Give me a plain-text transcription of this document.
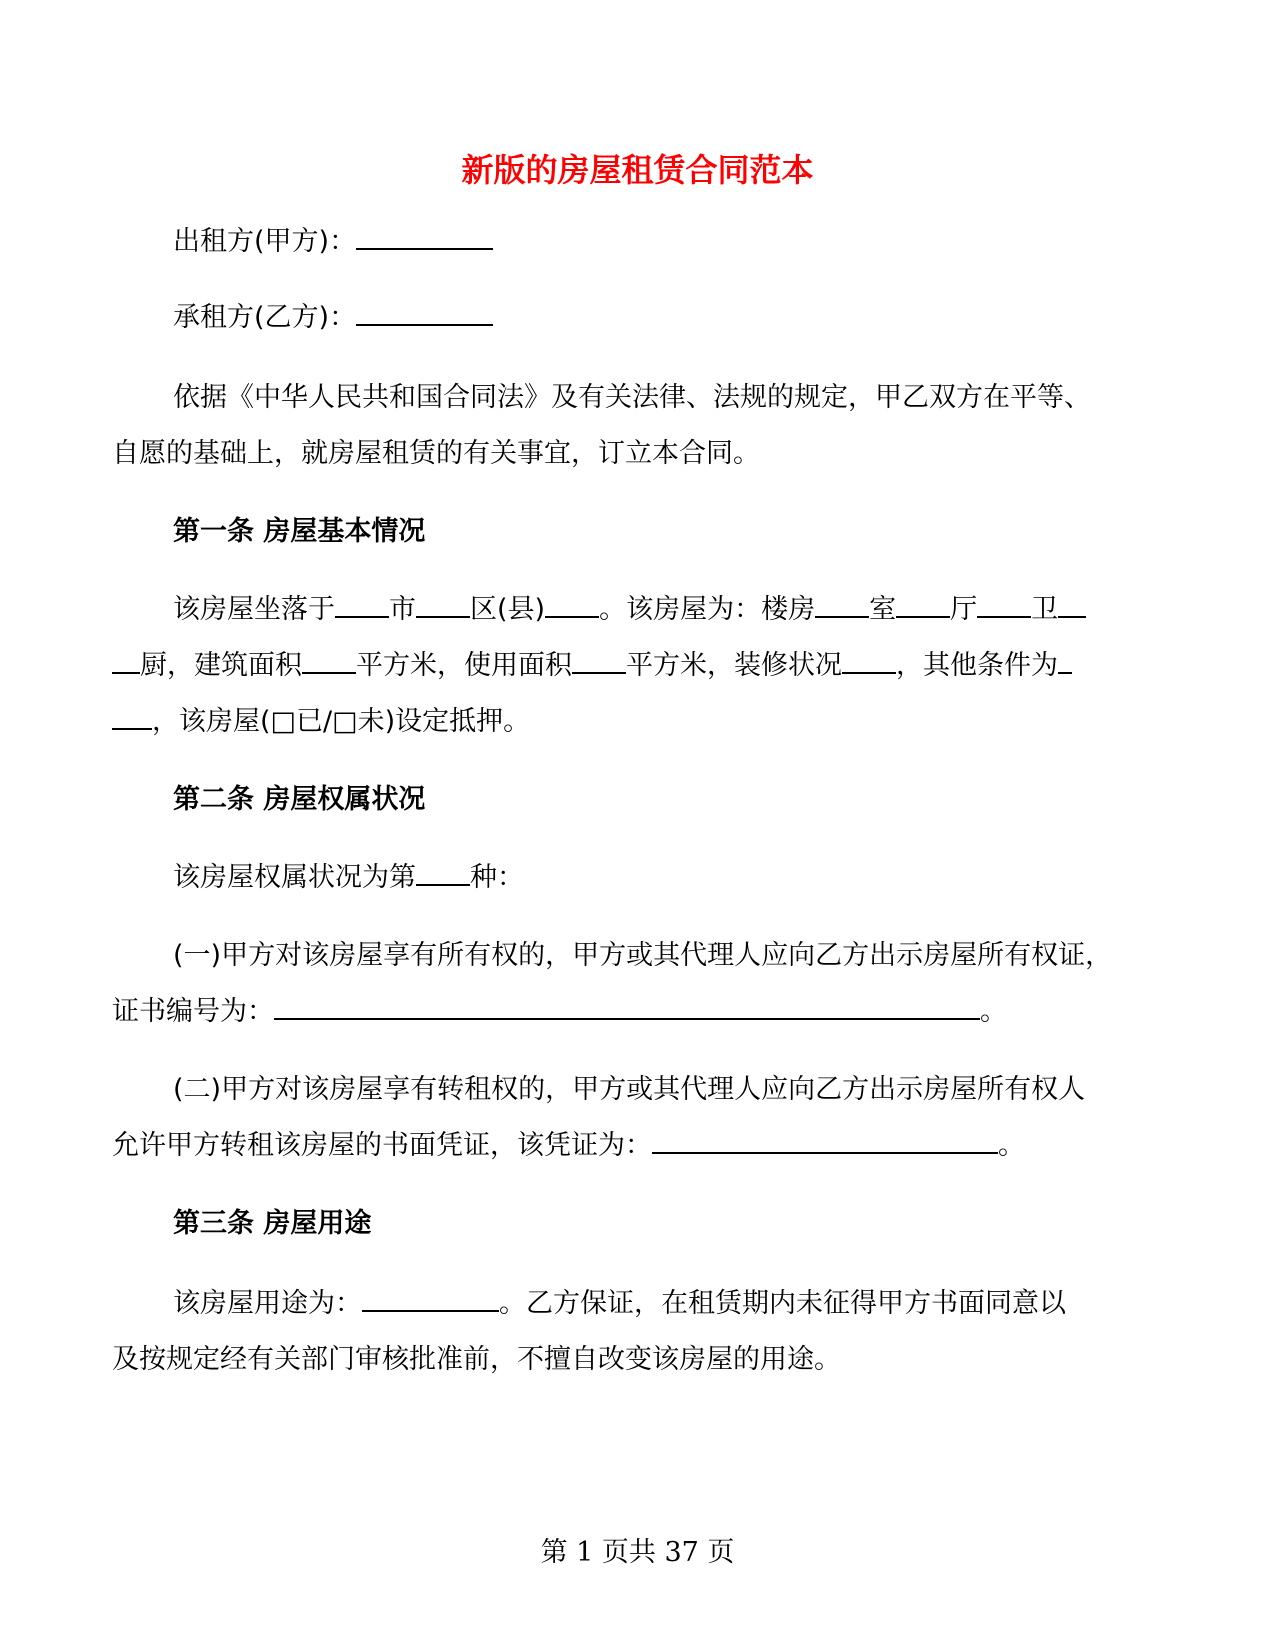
新版的房屋租赁合同范本
出租方(甲方)：
承租方(乙方)：
依据《中华人民共和国合同法》及有关法律、法规的规定，甲乙双方在平等、
自愿的基础上，就房屋租赁的有关事宜，订立本合同。
第一条 房屋基本情况
该房屋坐落于 市 区(县) 。该房屋为：楼房 室 厅 卫
厨，建筑面积 平方米，使用面积 平方米，装修状况 ，其他条件为
，该房屋(□已/□未)设定抵押。
第二条 房屋权属状况
该房屋权属状况为第 种：
(一)甲方对该房屋享有所有权的，甲方或其代理人应向乙方出示房屋所有权证，
证书编号为：	。
(二)甲方对该房屋享有转租权的，甲方或其代理人应向乙方出示房屋所有权人
允许甲方转租该房屋的书面凭证，该凭证为：	。
第三条 房屋用途
该房屋用途为：	。乙方保证，在租赁期内未征得甲方书面同意以
及按规定经有关部门审核批准前，不擅自改变该房屋的用途。
第 1 页共 37 页
